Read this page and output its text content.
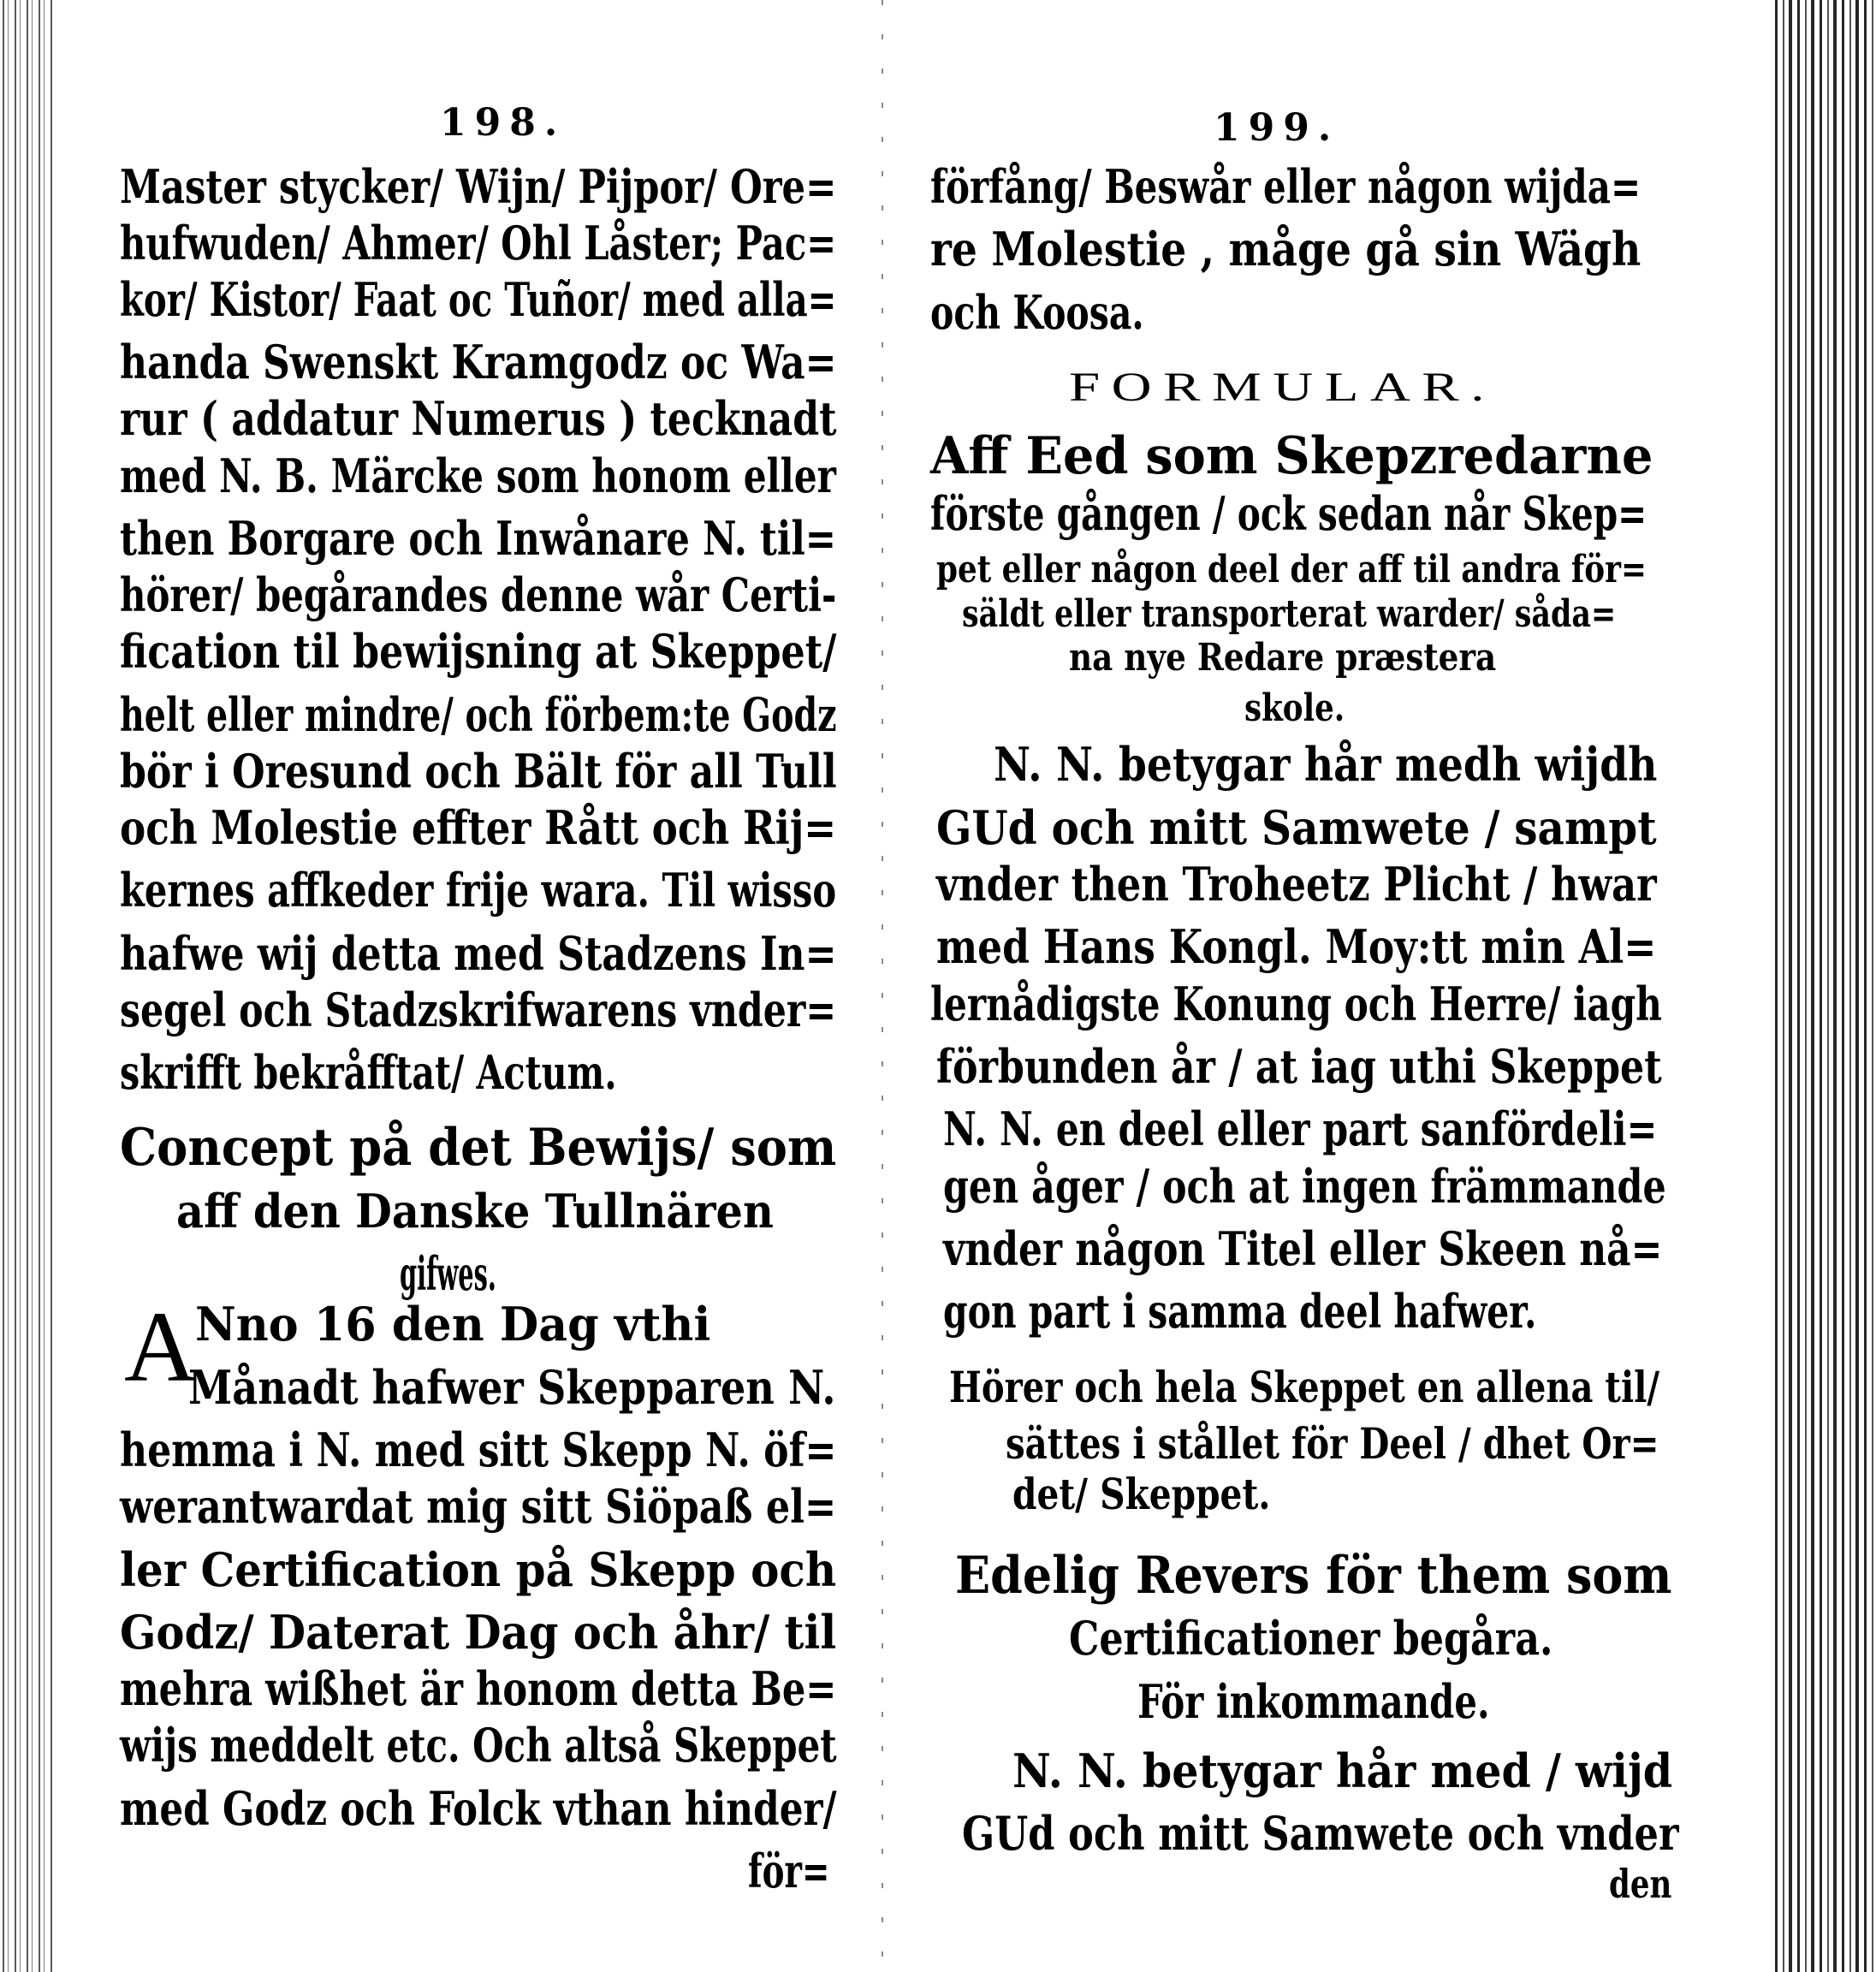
198.
A
Master stycker/ Wijn/ Pijpor/ Ore=
hufwuden/ Ahmer/ Ohl Låster; Pac=
kor/ Kistor/ Faat oc Tuñor/ med alla=
handa Swenskt Kramgodz oc Wa=
rur ( addatur Numerus ) tecknadt
med N. B. Märcke som honom eller
then Borgare och Inwånare N. til=
hörer/ begårandes denne wår Certi-
fication til bewijsning at Skeppet/
helt eller mindre/ och förbem:te Godz
bör i Oresund och Bält för all Tull
och Molestie effter Rått och Rij=
kernes affkeder frije wara. Til wisso
hafwe wij detta med Stadzens In=
segel och Stadzskrifwarens vnder=
skrifft bekråfftat/ Actum.
Concept på det Bewijs/ som
aff den Danske Tullnären
gifwes.
Nno 16 den Dag vthi
Månadt hafwer Skepparen N.
hemma i N. med sitt Skepp N. öf=
werantwardat mig sitt Siöpaß el=
ler Certification på Skepp och
Godz/ Daterat Dag och åhr/ til
mehra wißhet är honom detta Be=
wijs meddelt etc. Och altså Skeppet
med Godz och Folck vthan hinder/
för=
199.
förfång/ Beswår eller någon wijda=
re Molestie , måge gå sin Wägh
och Koosa.
FORMULAR.
Aff Eed som Skepzredarne
förste gången / ock sedan når Skep=
pet eller någon deel der aff til andra för=
säldt eller transporterat warder/ såda=
na nye Redare præstera
skole.
N. N. betygar hår medh wijdh
GUd och mitt Samwete / sampt
vnder then Troheetz Plicht / hwar
med Hans Kongl. Moy:tt min Al=
lernådigste Konung och Herre/ iagh
förbunden år / at iag uthi Skeppet
N. N. en deel eller part sanfördeli=
gen åger / och at ingen främmande
vnder någon Titel eller Skeen nå=
gon part i samma deel hafwer.
Hörer och hela Skeppet en allena til/
sättes i stållet för Deel / dhet Or=
det/ Skeppet.
Edelig Revers för them som
Certificationer begåra.
För inkommande.
N. N. betygar hår med / wijd
GUd och mitt Samwete och vnder
den
